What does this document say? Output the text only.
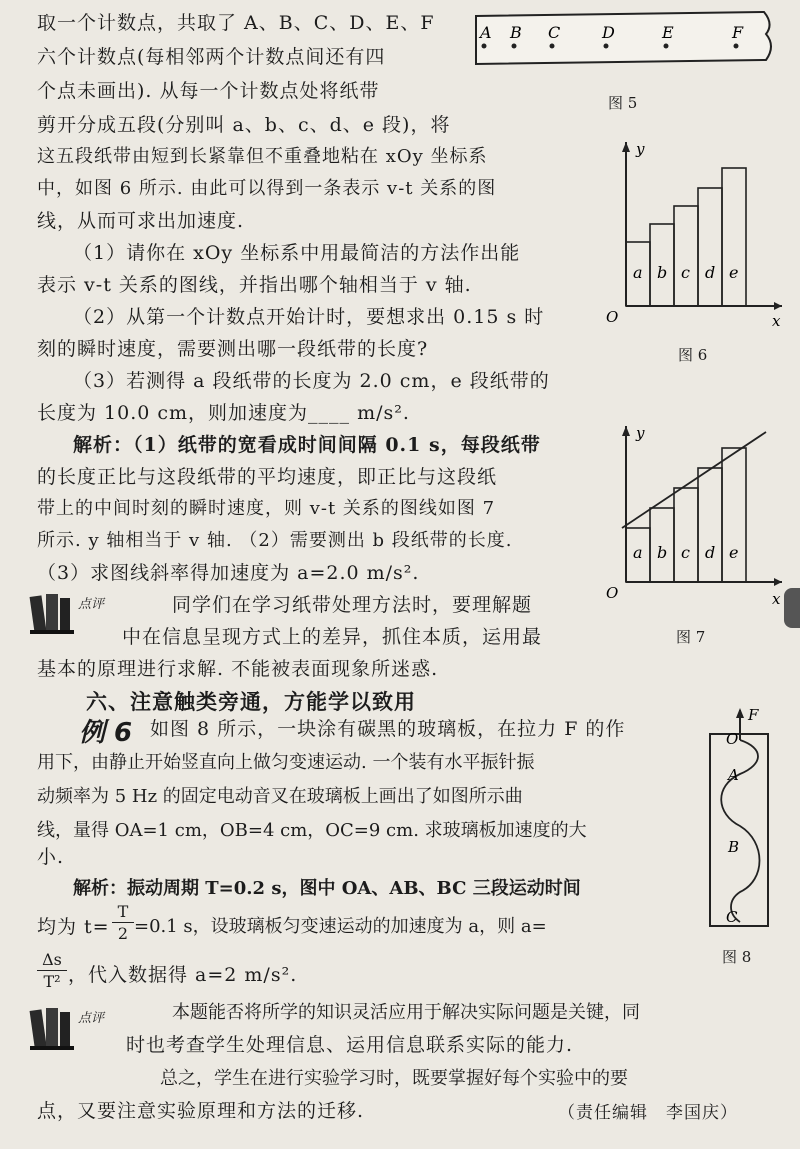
取一个计数点，共取了 A、B、C、D、E、F
六个计数点(每相邻两个计数点间还有四
个点未画出). 从每一个计数点处将纸带
剪开分成五段(分别叫 a、b、c、d、e 段)，将
这五段纸带由短到长紧靠但不重叠地粘在 xOy 坐标系
中，如图 6 所示. 由此可以得到一条表示 v-t 关系的图
线，从而可求出加速度.
（1）请你在 xOy 坐标系中用最简洁的方法作出能
表示 v-t 关系的图线，并指出哪个轴相当于 v 轴.
（2）从第一个计数点开始计时，要想求出 0.15 s 时
刻的瞬时速度，需要测出哪一段纸带的长度?
（3）若测得 a 段纸带的长度为 2.0 cm，e 段纸带的
长度为 10.0 cm，则加速度为____ m/s².
解析：（1）纸带的宽看成时间间隔 0.1 s，每段纸带
的长度正比与这段纸带的平均速度，即正比与这段纸
带上的中间时刻的瞬时速度，则 v-t 关系的图线如图 7
所示. y 轴相当于 v 轴. （2）需要测出 b 段纸带的长度.
（3）求图线斜率得加速度为 a=2.0 m/s².
点评	同学们在学习纸带处理方法时，要理解题
中在信息呈现方式上的差异，抓住本质，运用最
基本的原理进行求解. 不能被表面现象所迷惑.
六、注意触类旁通，方能学以致用
例 6 如图 8 所示，一块涂有碳黑的玻璃板，在拉力 F 的作
用下，由静止开始竖直向上做匀变速运动. 一个装有水平振针振
动频率为 5 Hz 的固定电动音叉在玻璃板上画出了如图所示曲
线，量得 OA=1 cm，OB=4 cm，OC=9 cm. 求玻璃板加速度的大
小.
解析：振动周期 T=0.2 s，图中 OA、AB、BC 三段运动时间
均为 t=
T
2 =0.1 s，设玻璃板匀变速运动的加速度为 a，则 a=
Δs
T² ，代入数据得 a=2 m/s².
点评	本题能否将所学的知识灵活应用于解决实际问题是关键，同
时也考查学生处理信息、运用信息联系实际的能力.
总之，学生在进行实验学习时，既要掌握好每个实验中的要
点，又要注意实验原理和方法的迁移.	（责任编辑　李国庆）
A B C	D	E	F
图 5
y
x
O
a b c d e
图 6
y
x
O
a b c d e
图 7
F
O
A
B
C
图 8
